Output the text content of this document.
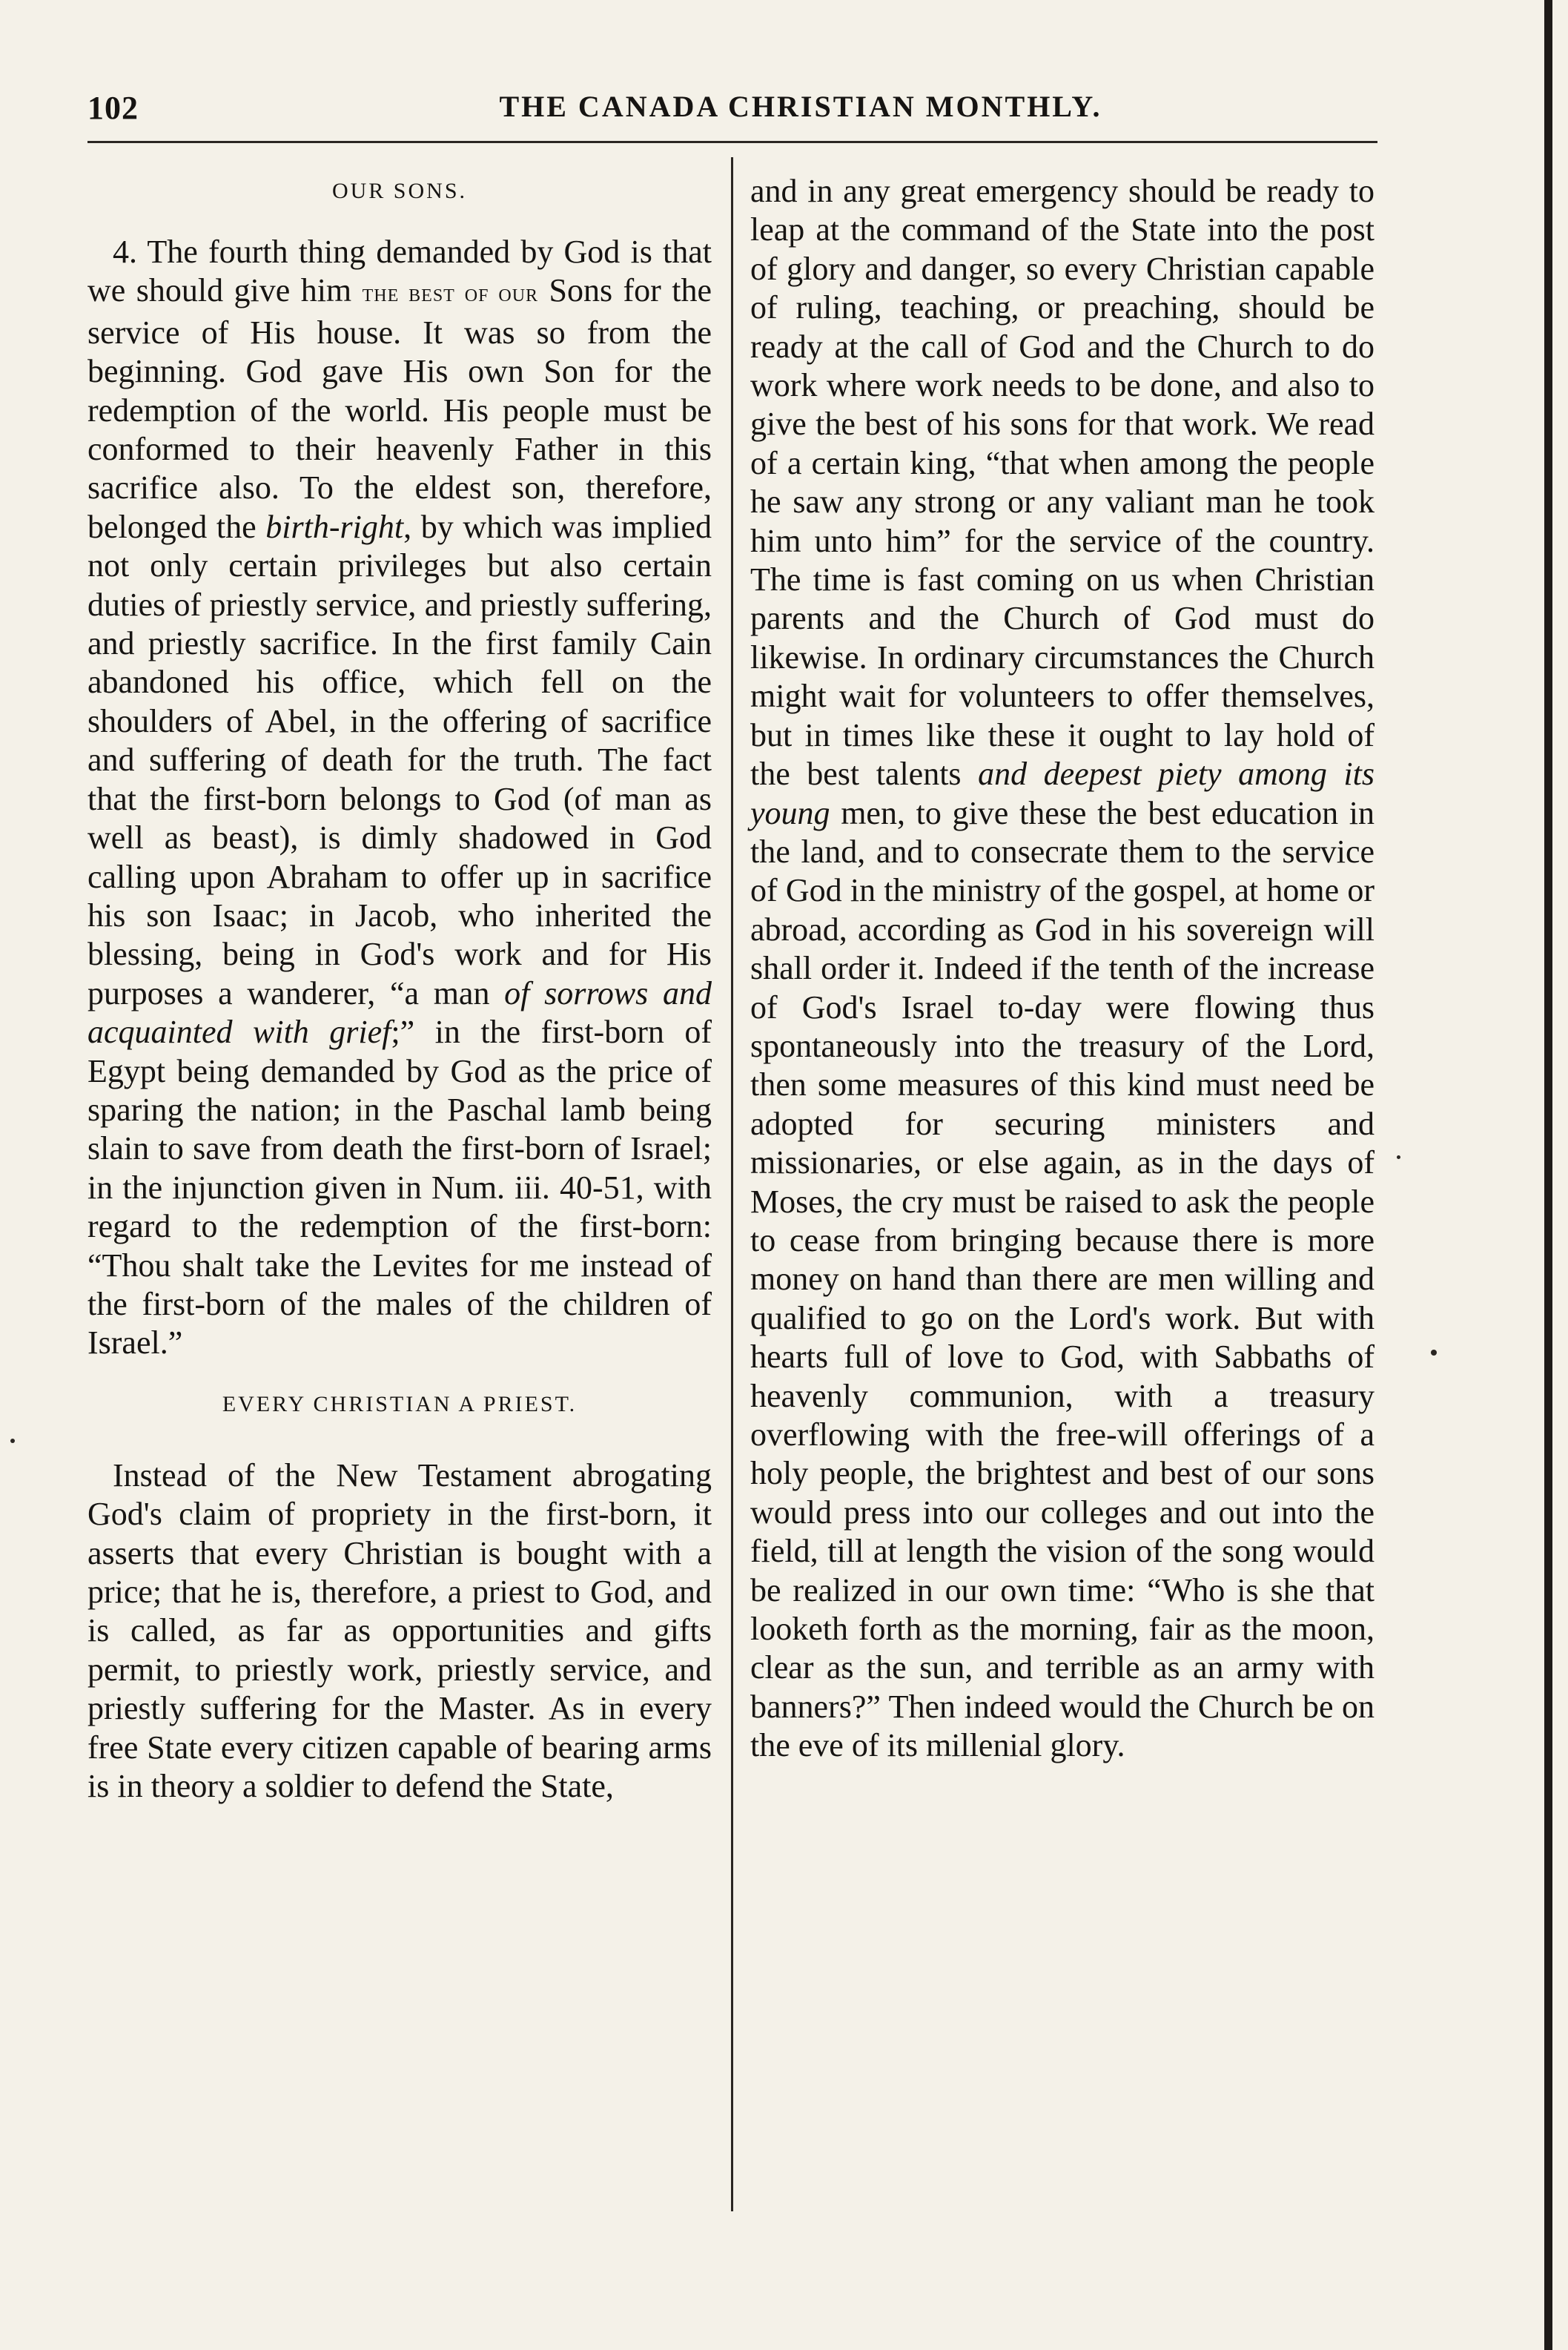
102	THE CANADA CHRISTIAN MONTHLY.
OUR SONS.

4. The fourth thing demanded by God is that we should give him the best of our Sons for the service of His house. It was so from the beginning. God gave His own Son for the redemption of the world. His people must be conformed to their heavenly Father in this sacrifice also. To the eldest son, therefore, belonged the birth-right, by which was implied not only certain privileges but also certain duties of priestly service, and priestly suffering, and priestly sacrifice. In the first family Cain abandoned his office, which fell on the shoulders of Abel, in the offering of sacrifice and suffering of death for the truth. The fact that the first-born belongs to God (of man as well as beast), is dimly shadowed in God calling upon Abraham to offer up in sacrifice his son Isaac; in Jacob, who inherited the blessing, being in God's work and for His purposes a wanderer, “a man of sorrows and acquainted with grief;” in the first-born of Egypt being demanded by God as the price of sparing the nation; in the Paschal lamb being slain to save from death the first-born of Israel; in the injunction given in Num. iii. 40-51, with regard to the redemption of the first-born: “Thou shalt take the Levites for me instead of the first-born of the males of the children of Israel.”

EVERY CHRISTIAN A PRIEST.

Instead of the New Testament abrogating God's claim of propriety in the first-born, it asserts that every Christian is bought with a price; that he is, therefore, a priest to God, and is called, as far as opportunities and gifts permit, to priestly work, priestly service, and priestly suffering for the Master. As in every free State every citizen capable of bearing arms is in theory a soldier to defend the State,

and in any great emergency should be ready to leap at the command of the State into the post of glory and danger, so every Christian capable of ruling, teaching, or preaching, should be ready at the call of God and the Church to do work where work needs to be done, and also to give the best of his sons for that work. We read of a certain king, “that when among the people he saw any strong or any valiant man he took him unto him” for the service of the country. The time is fast coming on us when Christian parents and the Church of God must do likewise. In ordinary circumstances the Church might wait for volunteers to offer themselves, but in times like these it ought to lay hold of the best talents and deepest piety among its young men, to give these the best education in the land, and to consecrate them to the service of God in the ministry of the gospel, at home or abroad, according as God in his sovereign will shall order it. Indeed if the tenth of the increase of God's Israel to-day were flowing thus spontaneously into the treasury of the Lord, then some measures of this kind must need be adopted for securing ministers and missionaries, or else again, as in the days of Moses, the cry must be raised to ask the people to cease from bringing because there is more money on hand than there are men willing and qualified to go on the Lord's work. But with hearts full of love to God, with Sabbaths of heavenly communion, with a treasury overflowing with the free-will offerings of a holy people, the brightest and best of our sons would press into our colleges and out into the field, till at length the vision of the song would be realized in our own time: “Who is she that looketh forth as the morning, fair as the moon, clear as the sun, and terrible as an army with banners?” Then indeed would the Church be on the eve of its millenial glory.
